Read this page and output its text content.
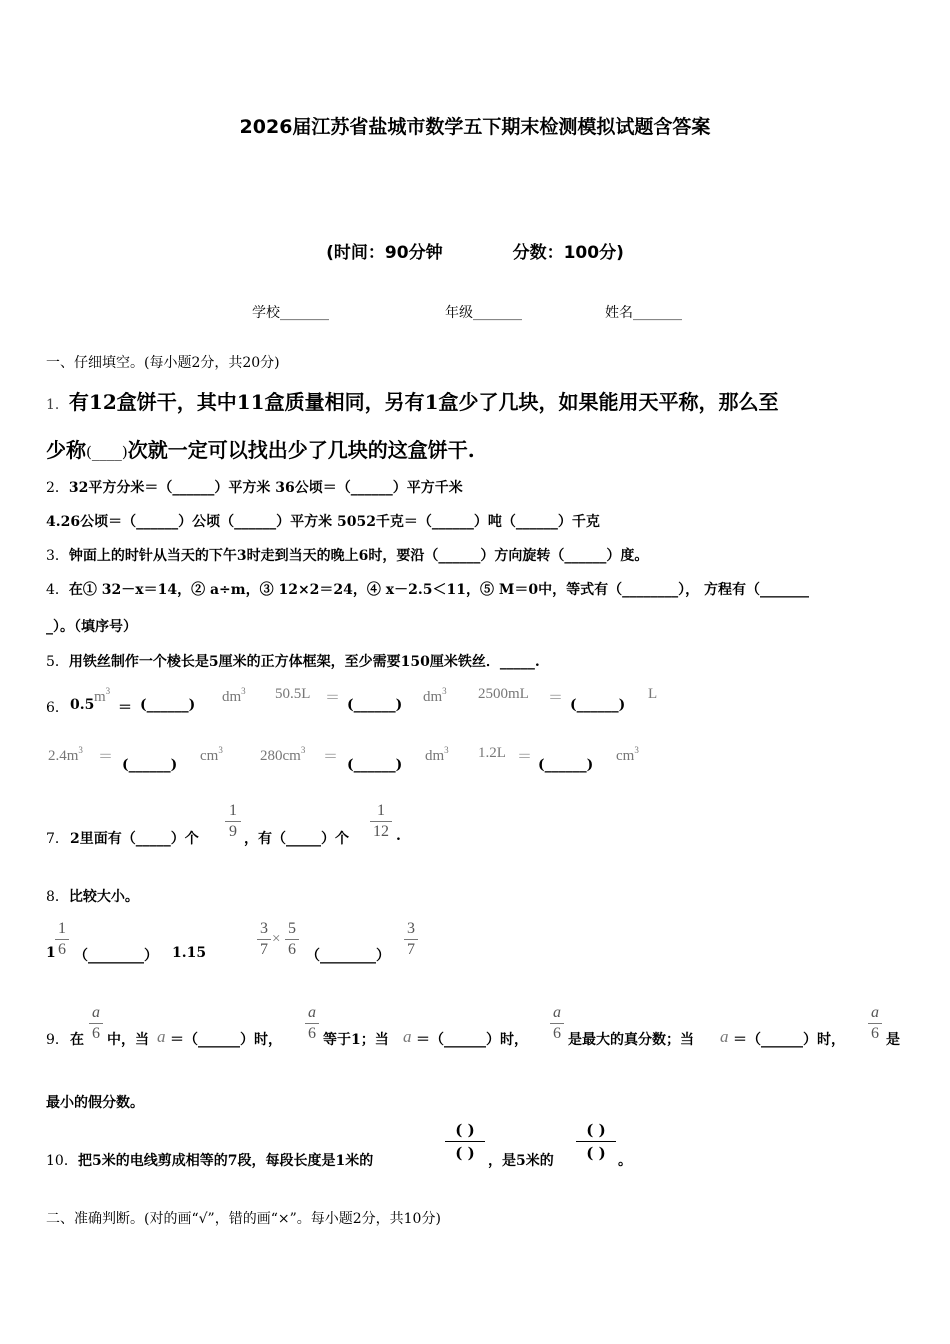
2026届江苏省盐城市数学五下期末检测模拟试题含答案
(时间：90分钟	分数：100分)
学校_______	年级_______	姓名_______
一、仔细填空。(每小题2分，共20分)
1．有12盒饼干，其中11盒质量相同，另有1盒少了几块，如果能用天平称，那么至
少称(____)次就一定可以找出少了几块的这盒饼干.
2．32平方分米＝（______）平方米 36公顷＝（______）平方千米
4.26公顷＝（______）公顷（______）平方米 5052千克＝（______）吨（______）千克
3．钟面上的时针从当天的下午3时走到当天的晚上6时，要沿（______）方向旋转（______）度。
4．在① 32－x＝14，② a÷m，③ 12×2＝24，④ x－2.5＜11，⑤ M＝0中，等式有（________）， 方程有（_______
_）。（填序号）
5．用铁丝制作一个棱长是5厘米的正方体框架，至少需要150厘米铁丝．_____.
6． 0.5 $m^3$
＝ (______) $dm^3$ 50.5L ＝ (______) $dm^3$ 2500mL ＝ (______)
L
$2.4m^3$ ＝ (______)
$cm^3$ $280cm^3$ ＝ (______)
$dm^3$ 1.2L ＝ (______)
$cm^3$
7． 2里面有（_____）个
1
9 ，有（_____）个
1
12 .
8．比较大小。
1
1
6 （________） 1.15
3
7
×
5
6 （________）
3
7
9． 在
a
6 中，当 a ＝（______）时，
a
6 等于1；当 a ＝（______）时，
a
6 是最大的真分数；当 a ＝（______）时，
a
6 是
最小的假分数。
10． 把5米的电线剪成相等的7段，每段长度是1米的
( )
( ) ，是5米的
( )
( ) 。
二、准确判断。(对的画“√”，错的画“×”。每小题2分，共10分)
